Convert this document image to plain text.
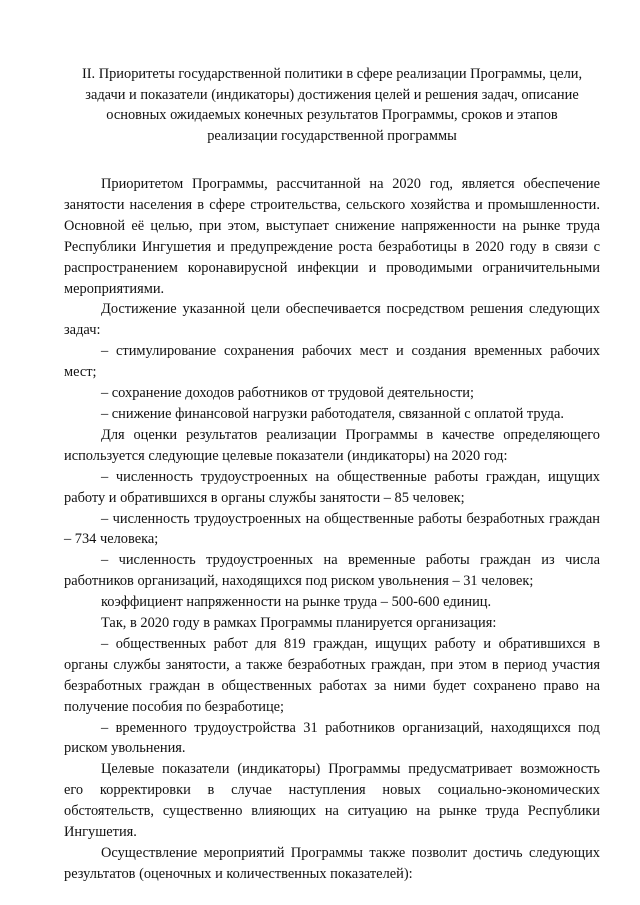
II. Приоритеты государственной политики в сфере реализации Программы, цели,
задачи и показатели (индикаторы) достижения целей и решения задач, описание
основных ожидаемых конечных результатов Программы, сроков и этапов
реализации государственной программы

Приоритетом Программы, рассчитанной на 2020 год, является обеспечение занятости населения в сфере строительства, сельского хозяйства и промышленности. Основной её целью, при этом, выступает снижение напряженности на рынке труда Республики Ингушетия и предупреждение роста безработицы в 2020 году в связи с распространением коронавирусной инфекции и проводимыми ограничительными мероприятиями.

Достижение указанной цели обеспечивается посредством решения следующих задач:

– стимулирование сохранения рабочих мест и создания временных рабочих мест;

– сохранение доходов работников от трудовой деятельности;

– снижение финансовой нагрузки работодателя, связанной с оплатой труда.

Для оценки результатов реализации Программы в качестве определяющего используется следующие целевые показатели (индикаторы) на 2020 год:

– численность трудоустроенных на общественные работы граждан, ищущих работу и обратившихся в органы службы занятости – 85 человек;

– численность трудоустроенных на общественные работы безработных граждан – 734 человека;

– численность трудоустроенных на временные работы граждан из числа работников организаций, находящихся под риском увольнения – 31 человек;

коэффициент напряженности на рынке труда – 500-600 единиц.

Так, в 2020 году в рамках Программы планируется организация:

– общественных работ для 819 граждан, ищущих работу и обратившихся в органы службы занятости, а также безработных граждан, при этом в период участия безработных граждан в общественных работах за ними будет сохранено право на получение пособия по безработице;

– временного трудоустройства 31 работников организаций, находящихся под риском увольнения.

Целевые показатели (индикаторы) Программы предусматривает возможность его корректировки в случае наступления новых социально-экономических обстоятельств, существенно влияющих на ситуацию на рынке труда Республики Ингушетия.

Осуществление мероприятий Программы также позволит достичь следующих результатов (оценочных и количественных показателей):
